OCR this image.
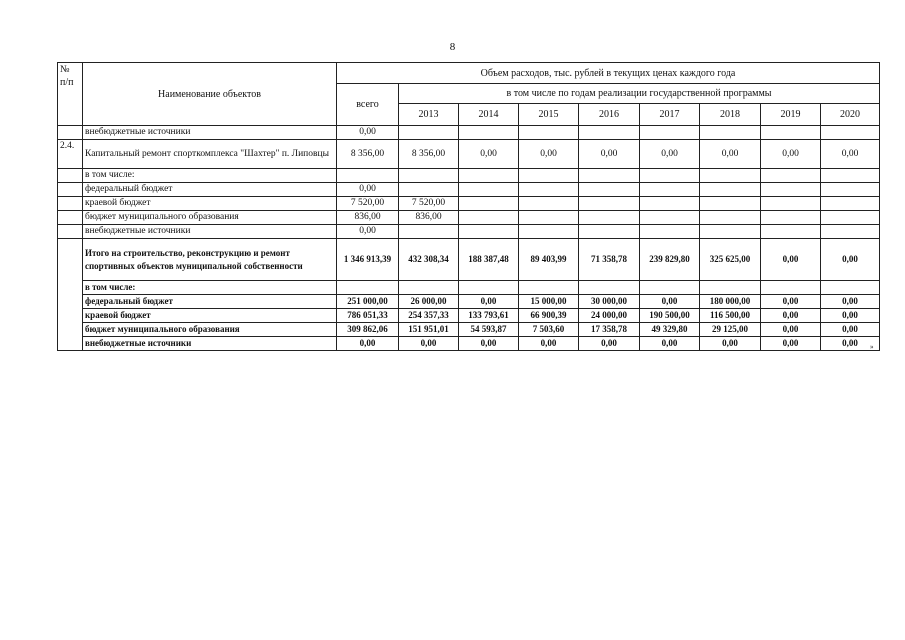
8
№
п/п	Наименование объектов	Объем расходов, тыс. рублей в текущих ценах каждого года								
		всего	в том числе по годам реализации государственной программы							
			2013	2014	2015	2016	2017	2018	2019	2020
	внебюджетные источники	0,00								
2.4.	Капитальный ремонт спорткомплекса "Шахтер" п. Липовцы	8 356,00	8 356,00	0,00	0,00	0,00	0,00	0,00	0,00	0,00
	в том числе:									
	федеральный бюджет	0,00								
	краевой бюджет	7 520,00	7 520,00							
	бюджет муниципального образования	836,00	836,00							
	внебюджетные источники	0,00								
	Итого на строительство, реконструкцию и ремонт спортивных объектов муниципальной собственности	1 346 913,39	432 308,34	188 387,48	89 403,99	71 358,78	239 829,80	325 625,00	0,00	0,00
	в том числе:									
	федеральный бюджет	251 000,00	26 000,00	0,00	15 000,00	30 000,00	0,00	180 000,00	0,00	0,00
	краевой бюджет	786 051,33	254 357,33	133 793,61	66 900,39	24 000,00	190 500,00	116 500,00	0,00	0,00
	бюджет муниципального образования	309 862,06	151 951,01	54 593,87	7 503,60	17 358,78	49 329,80	29 125,00	0,00	0,00
	внебюджетные источники	0,00	0,00	0,00	0,00	0,00	0,00	0,00	0,00	0,00 »
